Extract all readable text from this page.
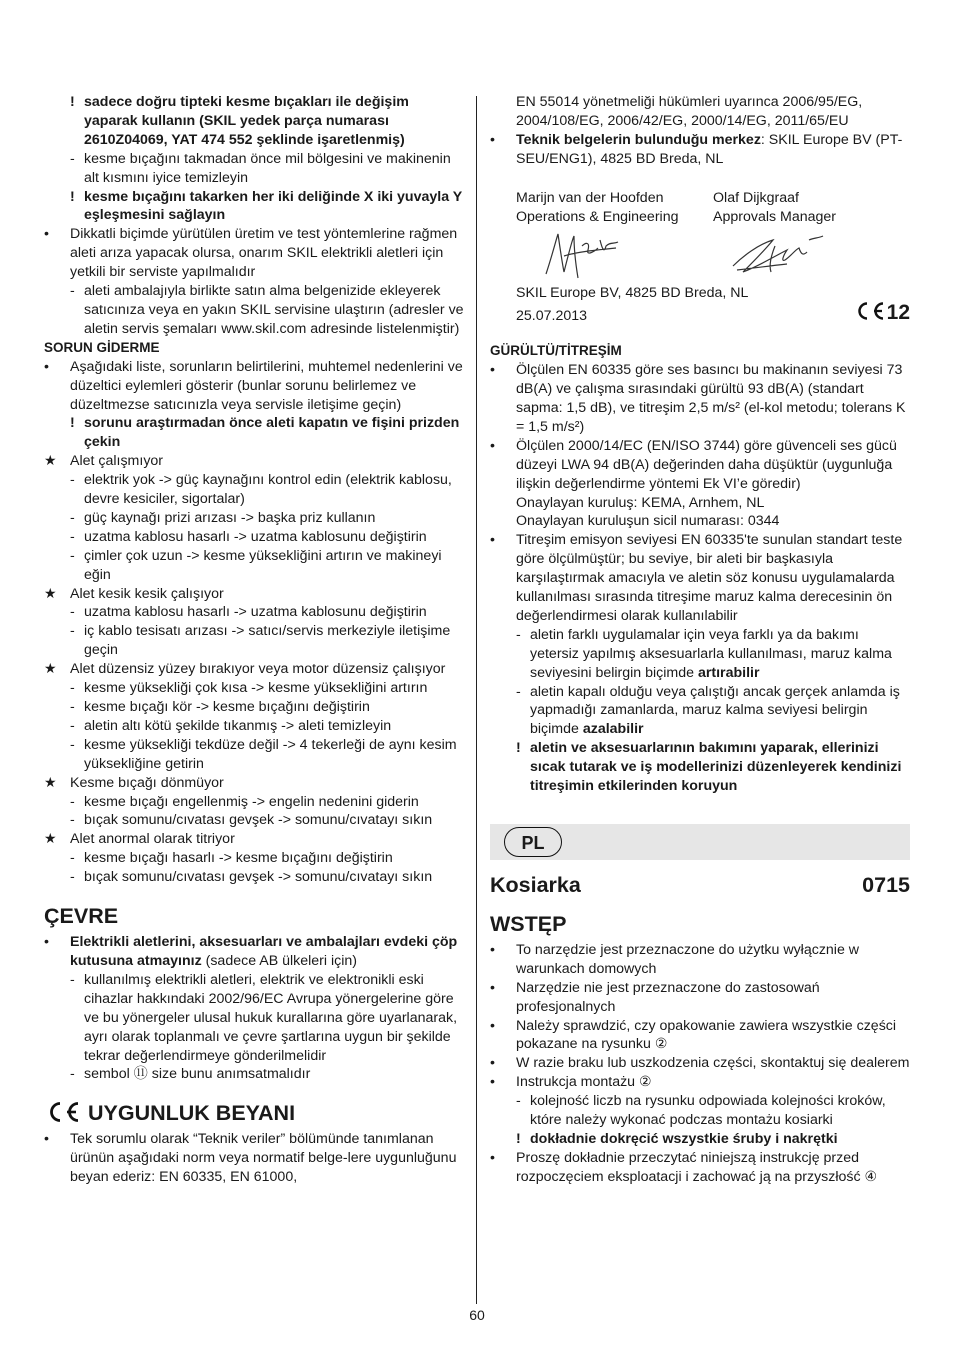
! sadece doğru tipteki kesme bıçakları ile değişim yaparak kullanın (SKIL yedek parça numarası 2610Z04069, YAT 474 552 şeklinde işaretlenmiş)
- kesme bıçağını takmadan önce mil bölgesini ve makinenin alt kısmını iyice temizleyin
! kesme bıçağını takarken her iki deliğinde X iki yuvayla Y eşleşmesini sağlayın
• Dikkatli biçimde yürütülen üretim ve test yöntemlerine rağmen aleti arıza yapacak olursa, onarım SKIL elektrikli aletleri için yetkili bir serviste yapılmalıdır
- aleti ambalajıyla birlikte satın alma belgenizide ekleyerek satıcınıza veya en yakın SKIL servisine ulaştırın (adresler ve aletin servis şemaları www.skil.com adresinde listelenmiştir)
SORUN GİDERME
• Aşağıdaki liste, sorunların belirtilerini, muhtemel nedenlerini ve düzeltici eylemleri gösterir (bunlar sorunu belirlemez ve düzeltmezse satıcınızla veya servisle iletişime geçin)
! sorunu araştırmadan önce aleti kapatın ve fişini prizden çekin
★ Alet çalışmıyor
- elektrik yok -> güç kaynağını kontrol edin (elektrik kablosu, devre kesiciler, sigortalar)
- güç kaynağı prizi arızası -> başka priz kullanın
- uzatma kablosu hasarlı -> uzatma kablosunu değiştirin
- çimler çok uzun -> kesme yüksekliğini artırın ve makineyi eğin
★ Alet kesik kesik çalışıyor
- uzatma kablosu hasarlı -> uzatma kablosunu değiştirin
- iç kablo tesisatı arızası -> satıcı/servis merkeziyle iletişime geçin
★ Alet düzensiz yüzey bırakıyor veya motor düzensiz çalışıyor
- kesme yüksekliği çok kısa -> kesme yüksekliğini artırın
- kesme bıçağı kör -> kesme bıçağını değiştirin
- aletin altı kötü şekilde tıkanmış -> aleti temizleyin
- kesme yüksekliği tekdüze değil -> 4 tekerleği de aynı kesim yüksekliğine getirin
★ Kesme bıçağı dönmüyor
- kesme bıçağı engellenmiş -> engelin nedenini giderin
- bıçak somunu/cıvatası gevşek -> somunu/cıvatayı sıkın
★ Alet anormal olarak titriyor
- kesme bıçağı hasarlı -> kesme bıçağını değiştirin
- bıçak somunu/cıvatası gevşek -> somunu/cıvatayı sıkın
ÇEVRE
• Elektrikli aletlerini, aksesuarları ve ambalajları evdeki çöp kutusuna atmayınız (sadece AB ülkeleri için)
- kullanılmış elektrikli aletleri, elektrik ve elektronikli eski cihazlar hakkındaki 2002/96/EC Avrupa yönergelerine göre ve bu yönergeler ulusal hukuk kurallarına göre uyarlanarak, ayrı olarak toplanmalı ve çevre şartlarına uygun bir şekilde tekrar değerlendirmeye gönderilmelidir
- sembol ⑪ size bunu anımsatmalıdır
UYGUNLUK BEYANI
• Tek sorumlu olarak “Teknik veriler” bölümünde tanımlanan ürünün aşağıdaki norm veya normatif belge-lere uygunluğunu beyan ederiz: EN 60335, EN 61000,
EN 55014 yönetmeliği hükümleri uyarınca 2006/95/EG, 2004/108/EG, 2006/42/EG, 2000/14/EG, 2011/65/EU
• Teknik belgelerin bulunduğu merkez: SKIL Europe BV (PT-SEU/ENG1), 4825 BD Breda, NL
Marijn van der Hoofden
Operations & Engineering
Olaf Dijkgraaf
Approvals Manager
SKIL Europe BV, 4825 BD Breda, NL
25.07.2013	12
GÜRÜLTÜ/TİTREŞİM
• Ölçülen EN 60335 göre ses basıncı bu makinanın seviyesi 73 dB(A) ve çalışma sırasındaki gürültü 93 dB(A) (standart sapma: 1,5 dB), ve titreşim 2,5 m/s² (el-kol metodu; tolerans K = 1,5 m/s²)
• Ölçülen 2000/14/EC (EN/ISO 3744) göre güvenceli ses gücü düzeyi LWA 94 dB(A) değerinden daha düşüktür (uygunluğa ilişkin değerlendirme yöntemi Ek VI’e göredir)
Onaylayan kuruluş: KEMA, Arnhem, NL
Onaylayan kuruluşun sicil numarası: 0344
• Titreşim emisyon seviyesi EN 60335'te sunulan standart teste göre ölçülmüştür; bu seviye, bir aleti bir başkasıyla karşılaştırmak amacıyla ve aletin söz konusu uygulamalarda kullanılması sırasında titreşime maruz kalma derecesinin ön değerlendirmesi olarak kullanılabilir
- aletin farklı uygulamalar için veya farklı ya da bakımı yetersiz yapılmış aksesuarlarla kullanılması, maruz kalma seviyesini belirgin biçimde artırabilir
- aletin kapalı olduğu veya çalıştığı ancak gerçek anlamda iş yapmadığı zamanlarda, maruz kalma seviyesi belirgin biçimde azalabilir
! aletin ve aksesuarlarının bakımını yaparak, ellerinizi sıcak tutarak ve iş modellerinizi düzenleyerek kendinizi titreşimin etkilerinden koruyun
PL
Kosiarka	0715
WSTĘP
• To narzędzie jest przeznaczone do użytku wyłącznie w warunkach domowych
• Narzędzie nie jest przeznaczone do zastosowań profesjonalnych
• Należy sprawdzić, czy opakowanie zawiera wszystkie części pokazane na rysunku ②
• W razie braku lub uszkodzenia części, skontaktuj się dealerem
• Instrukcja montażu ②
- kolejność liczb na rysunku odpowiada kolejności kroków, które należy wykonać podczas montażu kosiarki
! dokładnie dokręcić wszystkie śruby i nakrętki
• Proszę dokładnie przeczytać niniejszą instrukcję przed rozpoczęciem eksploatacji i zachować ją na przyszłość ④
60
